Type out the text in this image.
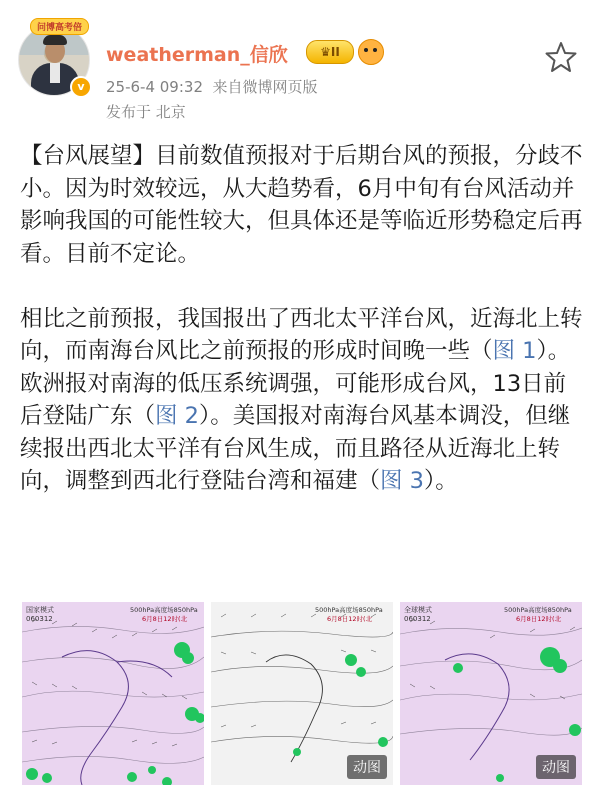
问博高考倍
v
weatherman_信欣	♛II
25-6-4 09:32 来自微博网页版
发布于 北京

【台风展望】目前数值预报对于后期台风的预报，分歧不小。因为时效较远，从大趋势看，6月中旬有台风活动并影响我国的可能性较大，但具体还是等临近形势稳定后再看。目前不定论。

相比之前预报，我国报出了西北太平洋台风，近海北上转向，而南海台风比之前预报的形成时间晚一些（图 1）。欧洲报对南海的低压系统调强，可能形成台风，13日前后登陆广东（图 2）。美国报对南海台风基本调没，但继续报出西北太平洋有台风生成，而且路径从近海北上转向，调整到西北行登陆台湾和福建（图 3）。

国家模式
060312
500hPa高度场850hPa
6月8日12时(北
500hPa高度场850hPa
6月8日12时(北
动图
全球模式
060312
500hPa高度场850hPa
6月8日12时(北
动图
